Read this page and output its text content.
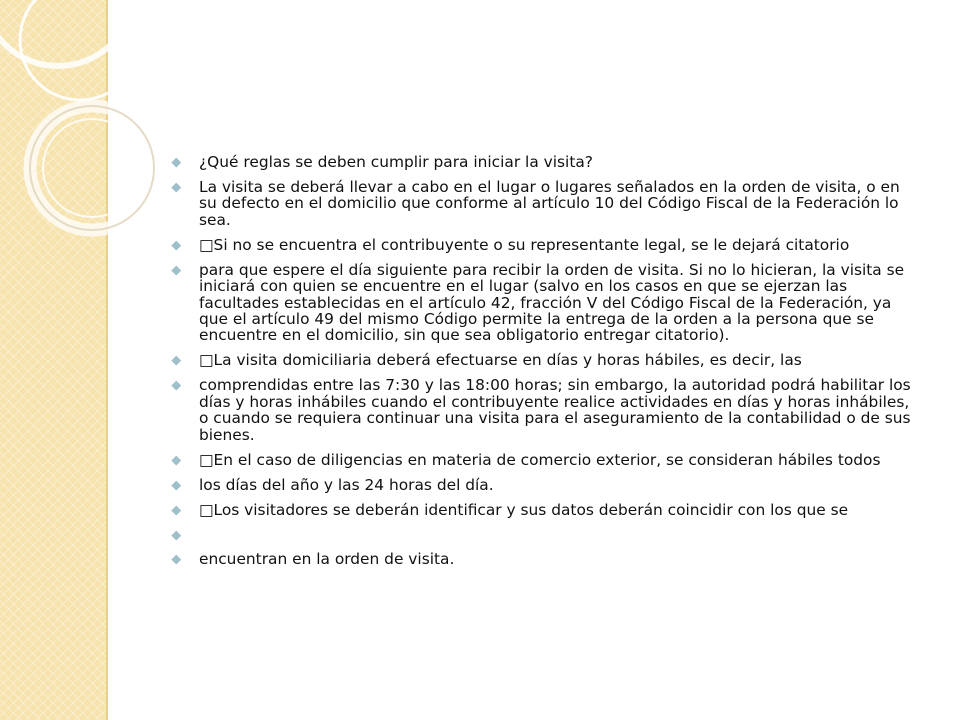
¿Qué reglas se deben cumplir para iniciar la visita?
La visita se deberá llevar a cabo en el lugar o lugares señalados en la orden de visita, o en su defecto en el domicilio que conforme al artículo 10 del Código Fiscal de la Federación lo sea.
□Si no se encuentra el contribuyente o su representante legal, se le dejará citatorio
para que espere el día siguiente para recibir la orden de visita. Si no lo hicieran, la visita se iniciará con quien se encuentre en el lugar (salvo en los casos en que se ejerzan las facultades establecidas en el artículo 42, fracción V del Código Fiscal de la Federación, ya que el artículo 49 del mismo Código permite la entrega de la orden a la persona que se encuentre en el domicilio, sin que sea obligatorio entregar citatorio).
□La visita domiciliaria deberá efectuarse en días y horas hábiles, es decir, las
comprendidas entre las 7:30 y las 18:00 horas; sin embargo, la autoridad podrá habilitar los días y horas inhábiles cuando el contribuyente realice actividades en días y horas inhábiles, o cuando se requiera continuar una visita para el aseguramiento de la contabilidad o de sus bienes.
□En el caso de diligencias en materia de comercio exterior, se consideran hábiles todos
los días del año y las 24 horas del día.
□Los visitadores se deberán identificar y sus datos deberán coincidir con los que se
encuentran en la orden de visita.
